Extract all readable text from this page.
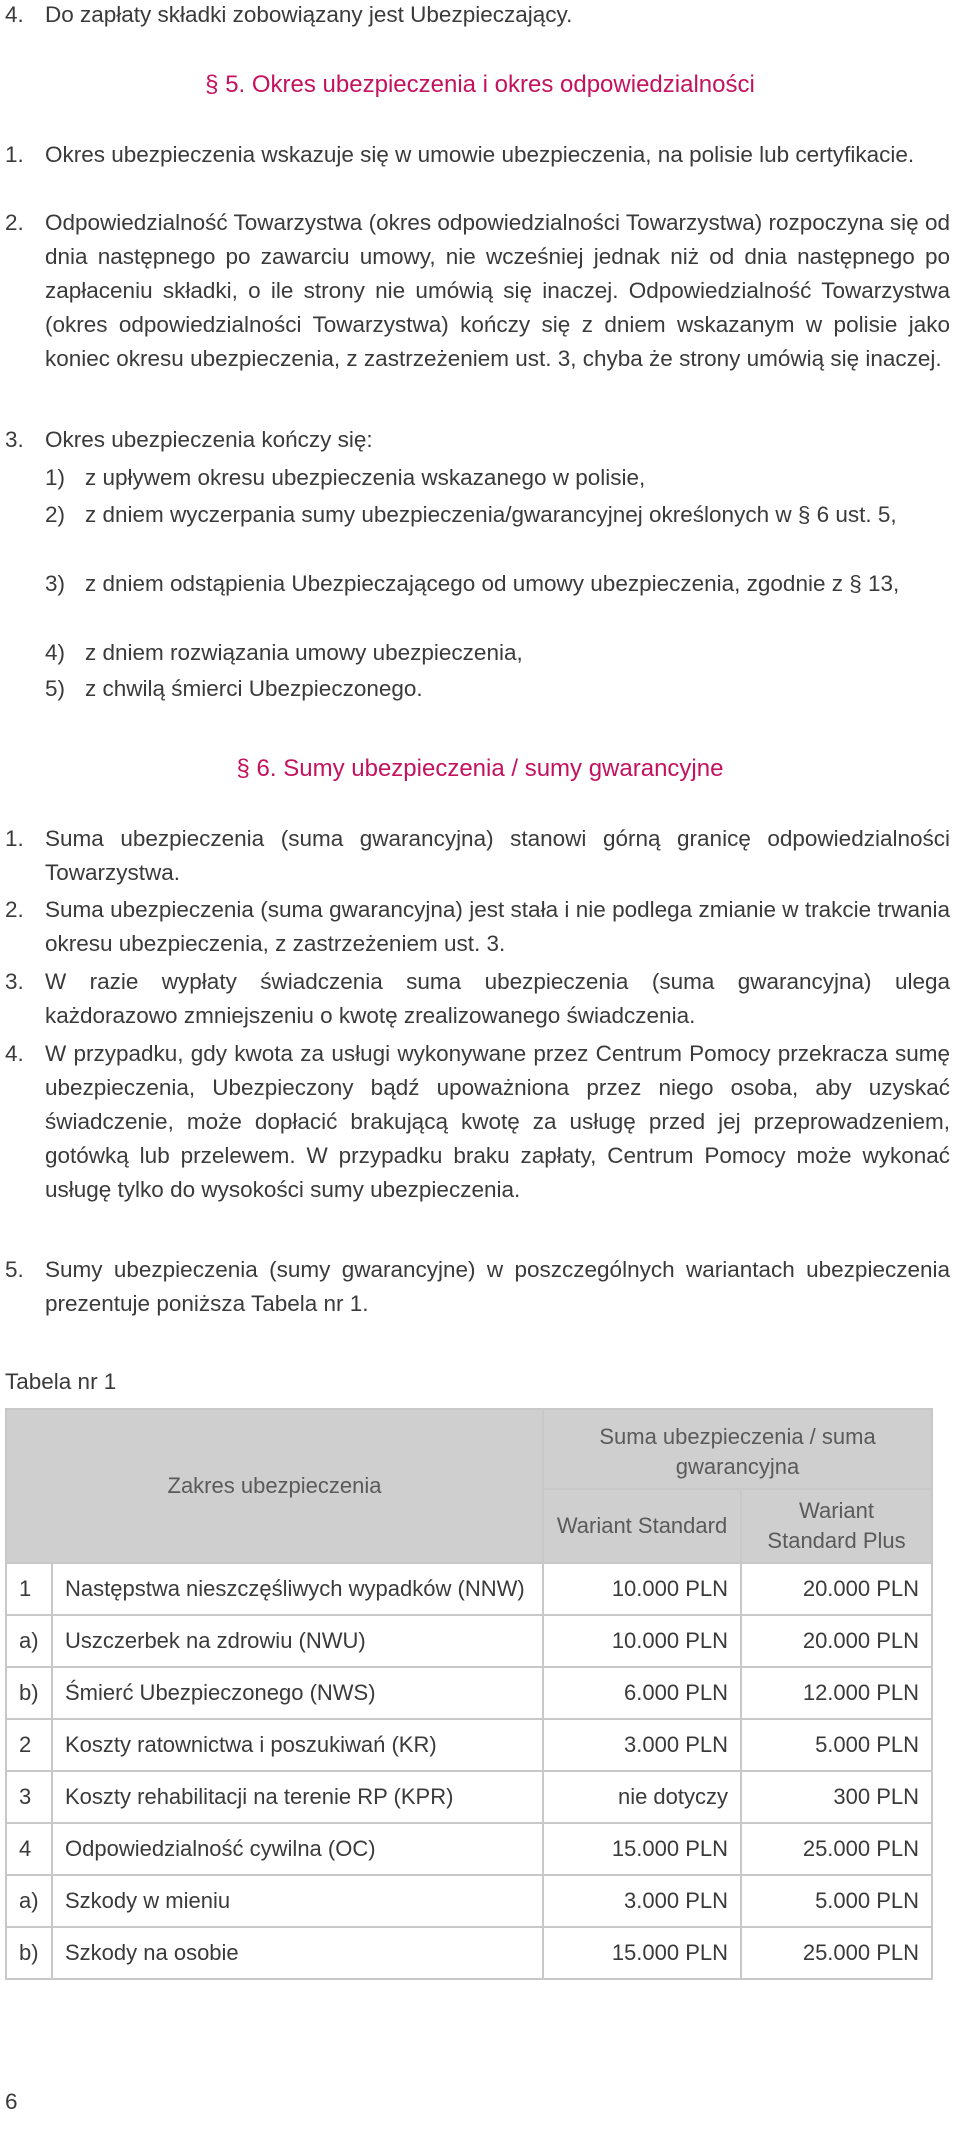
4. Do zapłaty składki zobowiązany jest Ubezpieczający.
§ 5. Okres ubezpieczenia i okres odpowiedzialności
1. Okres ubezpieczenia wskazuje się w umowie ubezpieczenia, na polisie lub certyfikacie.
2. Odpowiedzialność Towarzystwa (okres odpowiedzialności Towarzystwa) rozpoczyna się od dnia następnego po zawarciu umowy, nie wcześniej jednak niż od dnia następnego po zapłaceniu składki, o ile strony nie umówią się inaczej. Odpowiedzialność Towarzystwa (okres odpowiedzialności Towarzystwa) kończy się z dniem wskazanym w polisie jako koniec okresu ubezpieczenia, z zastrzeżeniem ust. 3, chyba że strony umówią się inaczej.
3. Okres ubezpieczenia kończy się:
1) z upływem okresu ubezpieczenia wskazanego w polisie,
2) z dniem wyczerpania sumy ubezpieczenia/gwarancyjnej określonych w § 6 ust. 5,
3) z dniem odstąpienia Ubezpieczającego od umowy ubezpieczenia, zgodnie z § 13,
4) z dniem rozwiązania umowy ubezpieczenia,
5) z chwilą śmierci Ubezpieczonego.
§ 6. Sumy ubezpieczenia / sumy gwarancyjne
1. Suma ubezpieczenia (suma gwarancyjna) stanowi górną granicę odpowiedzialności Towarzystwa.
2. Suma ubezpieczenia (suma gwarancyjna) jest stała i nie podlega zmianie w trakcie trwania okresu ubezpieczenia, z zastrzeżeniem ust. 3.
3. W razie wypłaty świadczenia suma ubezpieczenia (suma gwarancyjna) ulega każdorazowo zmniejszeniu o kwotę zrealizowanego świadczenia.
4. W przypadku, gdy kwota za usługi wykonywane przez Centrum Pomocy przekracza sumę ubezpieczenia, Ubezpieczony bądź upoważniona przez niego osoba, aby uzyskać świadczenie, może dopłacić brakującą kwotę za usługę przed jej przeprowadzeniem, gotówką lub przelewem. W przypadku braku zapłaty, Centrum Pomocy może wykonać usługę tylko do wysokości sumy ubezpieczenia.
5. Sumy ubezpieczenia (sumy gwarancyjne) w poszczególnych wariantach ubezpieczenia prezentuje poniższa Tabela nr 1.
Tabela nr 1
Zakres ubezpieczenia		Suma ubezpieczenia / suma gwarancyjna	
		Wariant Standard	Wariant Standard Plus
1	Następstwa nieszczęśliwych wypadków (NNW)	10.000 PLN	20.000 PLN
a)	Uszczerbek na zdrowiu (NWU)	10.000 PLN	20.000 PLN
b)	Śmierć Ubezpieczonego (NWS)	6.000 PLN	12.000 PLN
2	Koszty ratownictwa i poszukiwań (KR)	3.000 PLN	5.000 PLN
3	Koszty rehabilitacji na terenie RP (KPR)	nie dotyczy	300 PLN
4	Odpowiedzialność cywilna (OC)	15.000 PLN	25.000 PLN
a)	Szkody w mieniu	3.000 PLN	5.000 PLN
b)	Szkody na osobie	15.000 PLN	25.000 PLN
6
